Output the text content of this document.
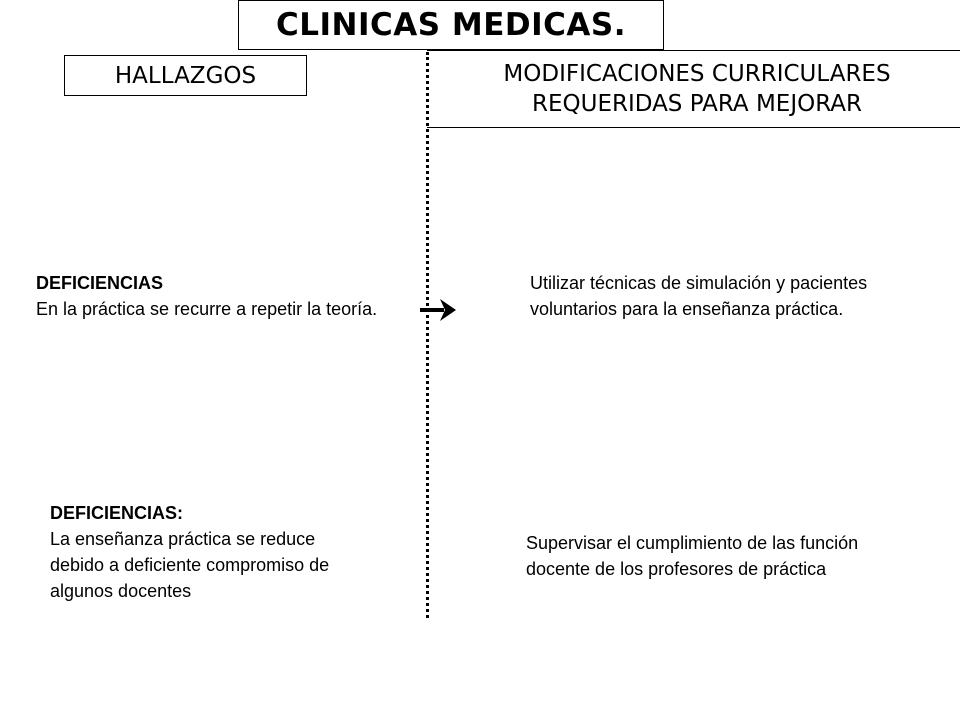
CLINICAS MEDICAS.
HALLAZGOS	MODIFICACIONES CURRICULARES
REQUERIDAS PARA MEJORAR
DEFICIENCIAS
En la práctica se recurre a repetir la teoría.
Utilizar técnicas de simulación y pacientes voluntarios para la enseñanza práctica.
DEFICIENCIAS:
La enseñanza práctica se reduce debido a deficiente compromiso de algunos docentes
Supervisar el cumplimiento de las función docente de los profesores de práctica
